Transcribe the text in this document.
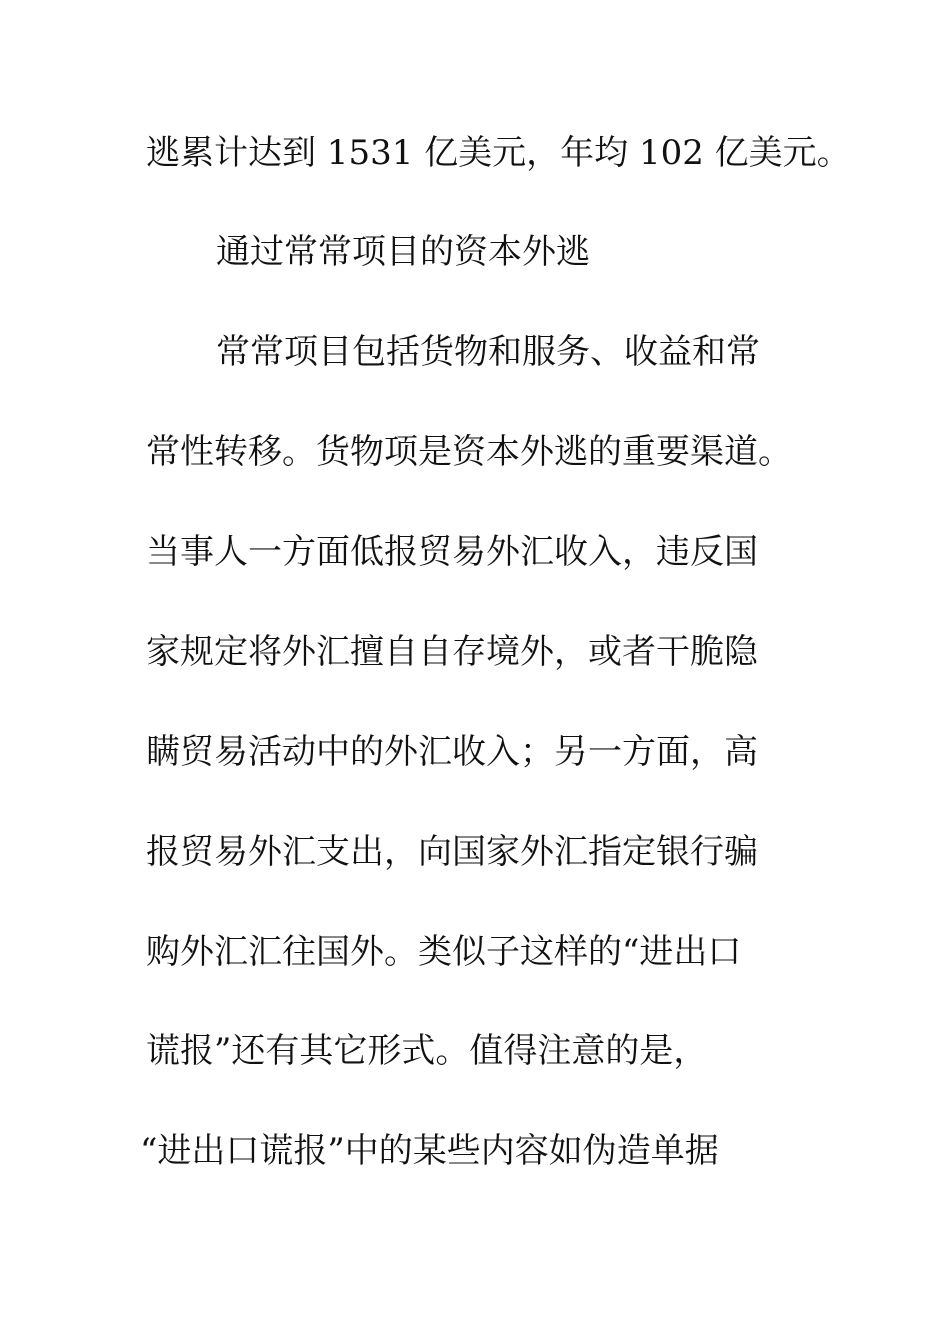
逃累计达到 1531 亿美元，年均 102 亿美元。
通过常常项目的资本外逃
常常项目包括货物和服务、收益和常
常性转移。货物项是资本外逃的重要渠道。
当事人一方面低报贸易外汇收入，违反国
家规定将外汇擅自自存境外，或者干脆隐
瞒贸易活动中的外汇收入；另一方面，高
报贸易外汇支出，向国家外汇指定银行骗
购外汇汇往国外。类似子这样的“进出口
谎报”还有其它形式。值得注意的是，
“进出口谎报”中的某些内容如伪造单据
